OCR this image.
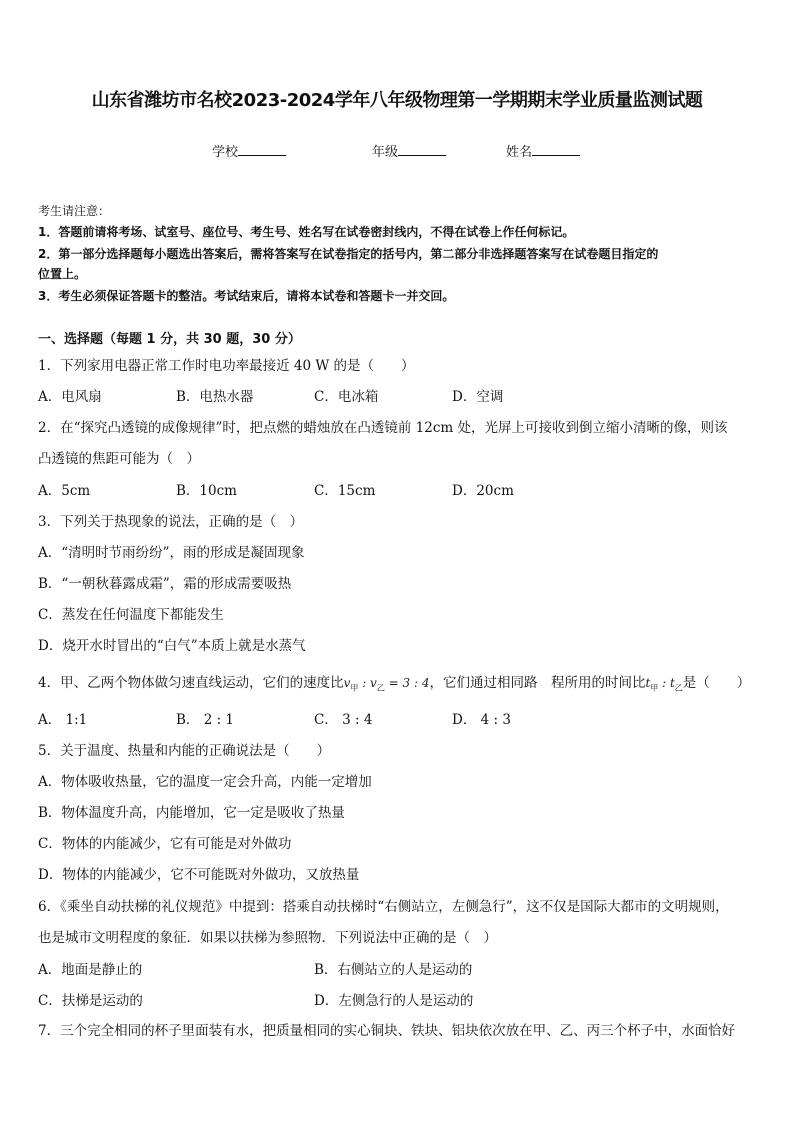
山东省潍坊市名校2023-2024学年八年级物理第一学期期末学业质量监测试题
学校	年级	姓名
考生请注意：
1．答题前请将考场、试室号、座位号、考生号、姓名写在试卷密封线内，不得在试卷上作任何标记。
2．第一部分选择题每小题选出答案后，需将答案写在试卷指定的括号内，第二部分非选择题答案写在试卷题目指定的
位置上。
3．考生必须保证答题卡的整洁。考试结束后，请将本试卷和答题卡一并交回。
一、选择题（每题 1 分，共 30 题，30 分）
1．下列家用电器正常工作时电功率最接近 40 W 的是（　　）
A．电风扇	B．电热水器	C．电冰箱	D．空调
2．在“探究凸透镜的成像规律”时，把点燃的蜡烛放在凸透镜前 12cm 处，光屏上可接收到倒立缩小清晰的像，则该
凸透镜的焦距可能为（　）
A．5cm	B．10cm	C．15cm	D．20cm
3．下列关于热现象的说法，正确的是（　）
A．“清明时节雨纷纷”，雨的形成是凝固现象
B．“一朝秋暮露成霜”，霜的形成需要吸热
C．蒸发在任何温度下都能发生
D．烧开水时冒出的“白气”本质上就是水蒸气
4．甲、乙两个物体做匀速直线运动，它们的速度比$v_甲$ : $v_乙 = 3$ : 4，它们通过相同路　程所用的时间比$t_甲$ : $t_乙$是（　　）
A． 1:1	B． 2 : 1	C． 3 : 4	D． 4 : 3
5．关于温度、热量和内能的正确说法是（　　）
A．物体吸收热量，它的温度一定会升高，内能一定增加
B．物体温度升高，内能增加，它一定是吸收了热量
C．物体的内能减少，它有可能是对外做功
D．物体的内能减少，它不可能既对外做功，又放热量
6．《乘坐自动扶梯的礼仪规范》中提到：搭乘自动扶梯时“右侧站立，左侧急行”，这不仅是国际大都市的文明规则，
也是城市文明程度的象征．如果以扶梯为参照物．下列说法中正确的是（　）
A．地面是静止的	B．右侧站立的人是运动的
C．扶梯是运动的	D．左侧急行的人是运动的
7．三个完全相同的杯子里面装有水，把质量相同的实心铜块、铁块、铝块依次放在甲、乙、丙三个杯子中，水面恰好
